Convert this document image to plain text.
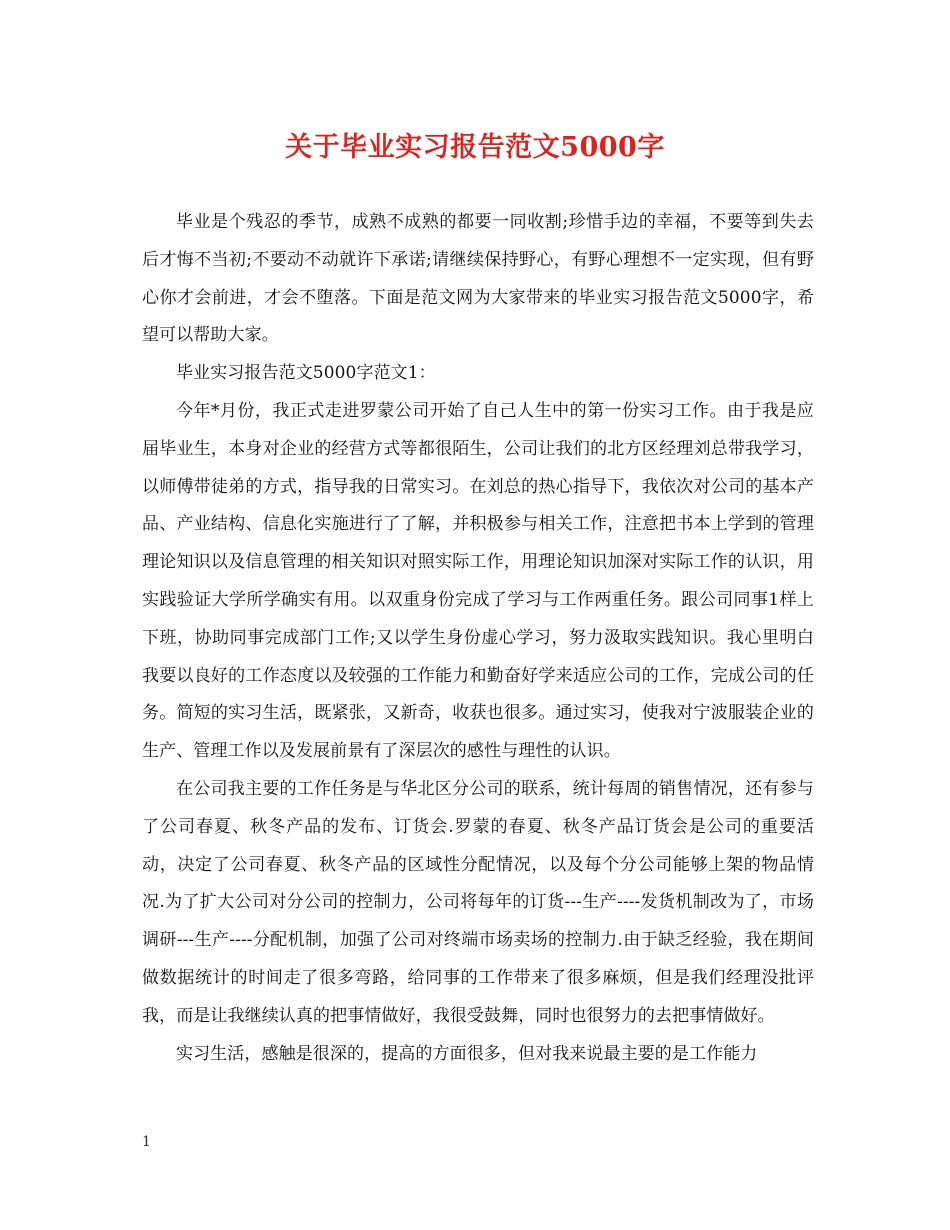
关于毕业实习报告范文5000字

毕业是个残忍的季节，成熟不成熟的都要一同收割;珍惜手边的幸福，不要等到失去后才悔不当初;不要动不动就许下承诺;请继续保持野心，有野心理想不一定实现，但有野心你才会前进，才会不堕落。下面是范文网为大家带来的毕业实习报告范文5000字，希望可以帮助大家。

毕业实习报告范文5000字范文1：

今年*月份，我正式走进罗蒙公司开始了自己人生中的第一份实习工作。由于我是应届毕业生，本身对企业的经营方式等都很陌生，公司让我们的北方区经理刘总带我学习，以师傅带徒弟的方式，指导我的日常实习。在刘总的热心指导下，我依次对公司的基本产品、产业结构、信息化实施进行了了解，并积极参与相关工作，注意把书本上学到的管理理论知识以及信息管理的相关知识对照实际工作，用理论知识加深对实际工作的认识，用实践验证大学所学确实有用。以双重身份完成了学习与工作两重任务。跟公司同事1样上下班，协助同事完成部门工作;又以学生身份虚心学习，努力汲取实践知识。我心里明白我要以良好的工作态度以及较强的工作能力和勤奋好学来适应公司的工作，完成公司的任务。简短的实习生活，既紧张，又新奇，收获也很多。通过实习，使我对宁波服装企业的生产、管理工作以及发展前景有了深层次的感性与理性的认识。

在公司我主要的工作任务是与华北区分公司的联系，统计每周的销售情况，还有参与了公司春夏、秋冬产品的发布、订货会.罗蒙的春夏、秋冬产品订货会是公司的重要活动，决定了公司春夏、秋冬产品的区域性分配情况，以及每个分公司能够上架的物品情况.为了扩大公司对分公司的控制力，公司将每年的订货---生产----发货机制改为了，市场调研---生产----分配机制，加强了公司对终端市场卖场的控制力.由于缺乏经验，我在期间做数据统计的时间走了很多弯路，给同事的工作带来了很多麻烦，但是我们经理没批评我，而是让我继续认真的把事情做好，我很受鼓舞，同时也很努力的去把事情做好。

实习生活，感触是很深的，提高的方面很多，但对我来说最主要的是工作能力

1
